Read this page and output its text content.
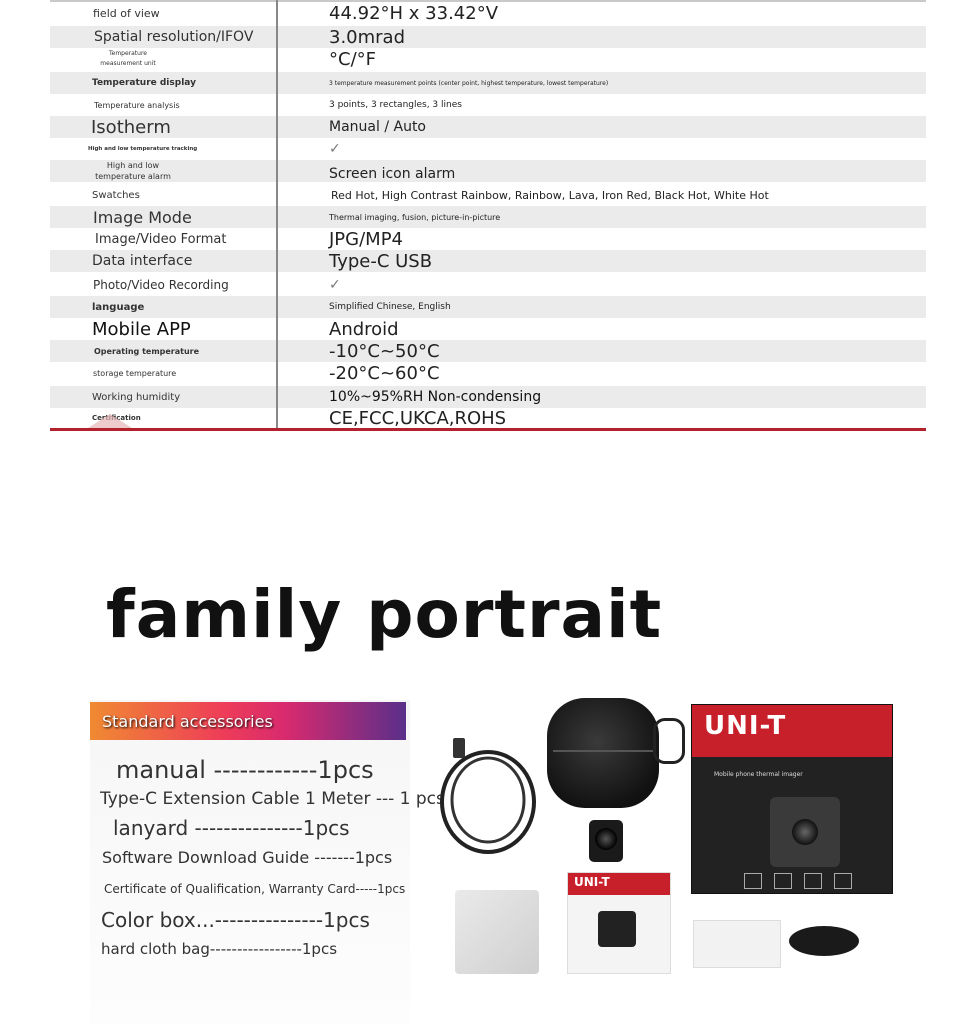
field of view	44.92°H x 33.42°V
Spatial resolution/IFOV	3.0mrad
Temperature measurement unit	°C/°F
Temperature display	3 temperature measurement points (center point, highest temperature, lowest temperature)
Temperature analysis	3 points, 3 rectangles, 3 lines
Isotherm	Manual / Auto
High and low temperature tracking	✓
High and low temperature alarm	Screen icon alarm
Swatches	Red Hot, High Contrast Rainbow, Rainbow, Lava, Iron Red, Black Hot, White Hot
Image Mode	Thermal imaging, fusion, picture-in-picture
Image/Video Format	JPG/MP4
Data interface	Type-C USB
Photo/Video Recording	✓
language	Simplified Chinese, English
Mobile APP	Android
Operating temperature	-10°C~50°C
storage temperature	-20°C~60°C
Working humidity	10%~95%RH Non-condensing
Certification	CE,FCC,UKCA,ROHS
family portrait
Standard accessories
manual ------------1pcs
Type-C Extension Cable 1 Meter --- 1 pcs
lanyard ---------------1pcs
Software Download Guide -------1pcs
Certificate of Qualification, Warranty Card-----1pcs
Color box...---------------1pcs
hard cloth bag-----------------1pcs
UNI-T
Mobile phone thermal imager
UNI-T
